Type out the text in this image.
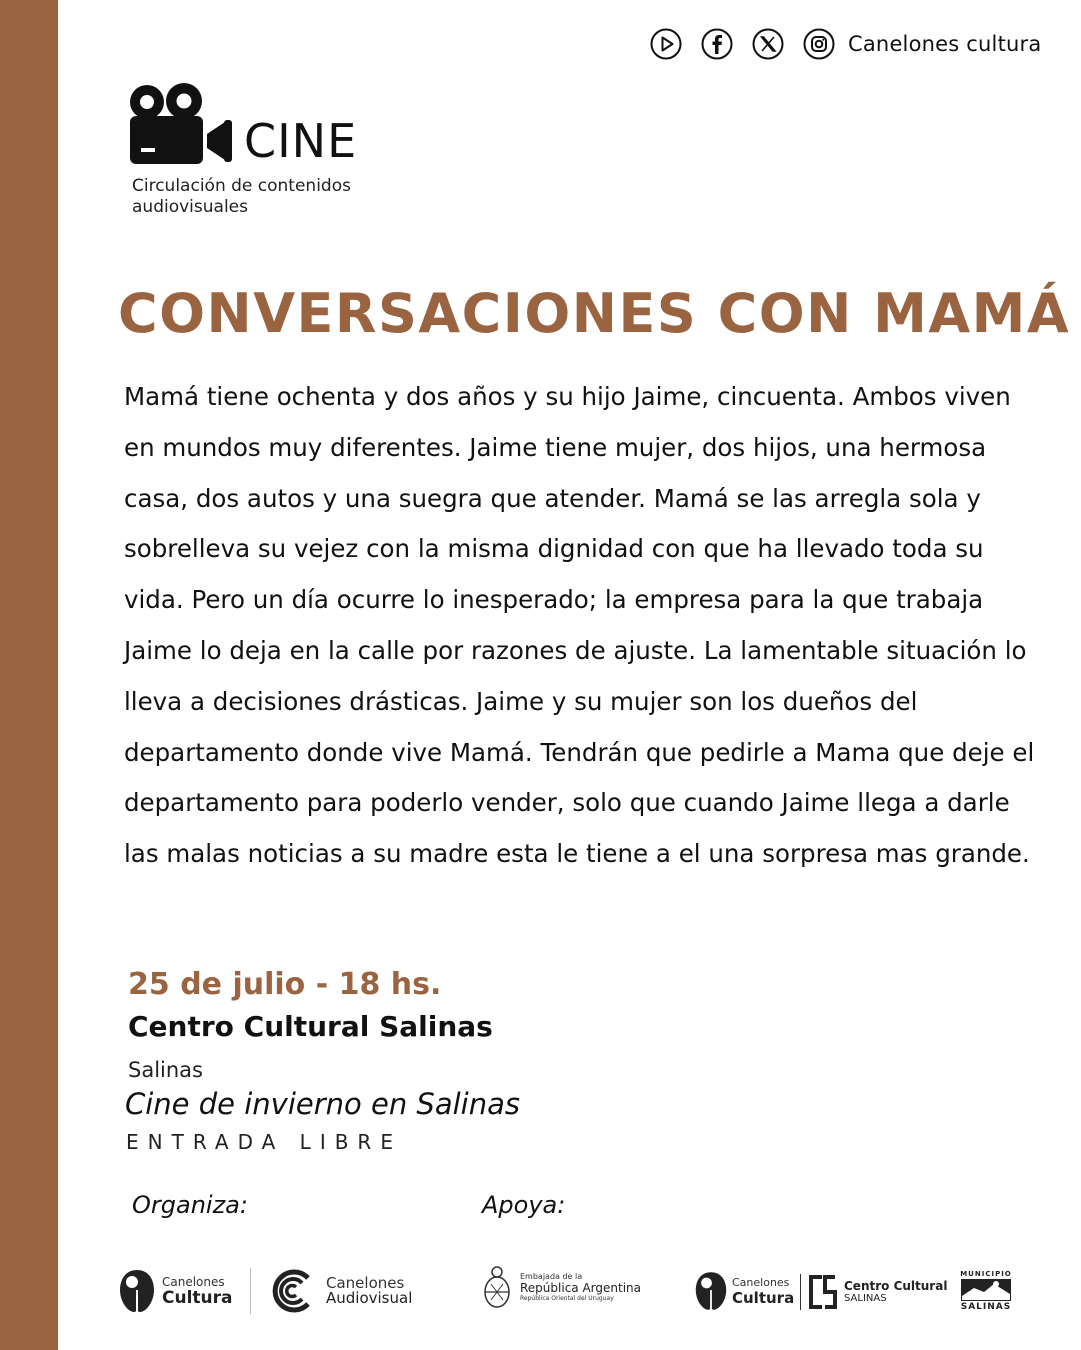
Canelones cultura
CINE
Circulación de contenidos audiovisuales
CONVERSACIONES CON MAMÁ

Mamá tiene ochenta y dos años y su hijo Jaime, cincuenta. Ambos viven en mundos muy diferentes. Jaime tiene mujer, dos hijos, una hermosa casa, dos autos y una suegra que atender. Mamá se las arregla sola y sobrelleva su vejez con la misma dignidad con que ha llevado toda su vida. Pero un día ocurre lo inesperado; la empresa para la que trabaja Jaime lo deja en la calle por razones de ajuste. La lamentable situación lo lleva a decisiones drásticas. Jaime y su mujer son los dueños del departamento donde vive Mamá. Tendrán que pedirle a Mama que deje el departamento para poderlo vender, solo que cuando Jaime llega a darle las malas noticias a su madre esta le tiene a el una sorpresa mas grande.

25 de julio - 18 hs.
Centro Cultural Salinas
Salinas
Cine de invierno en Salinas
ENTRADA LIBRE
Organiza:	Apoya:
Canelones
Cultura
Canelones
Audiovisual
Embajada de la
República Argentina
República Oriental del Uruguay
Canelones
Cultura
Centro Cultural
SALINAS
MUNICIPIO
SALINAS
